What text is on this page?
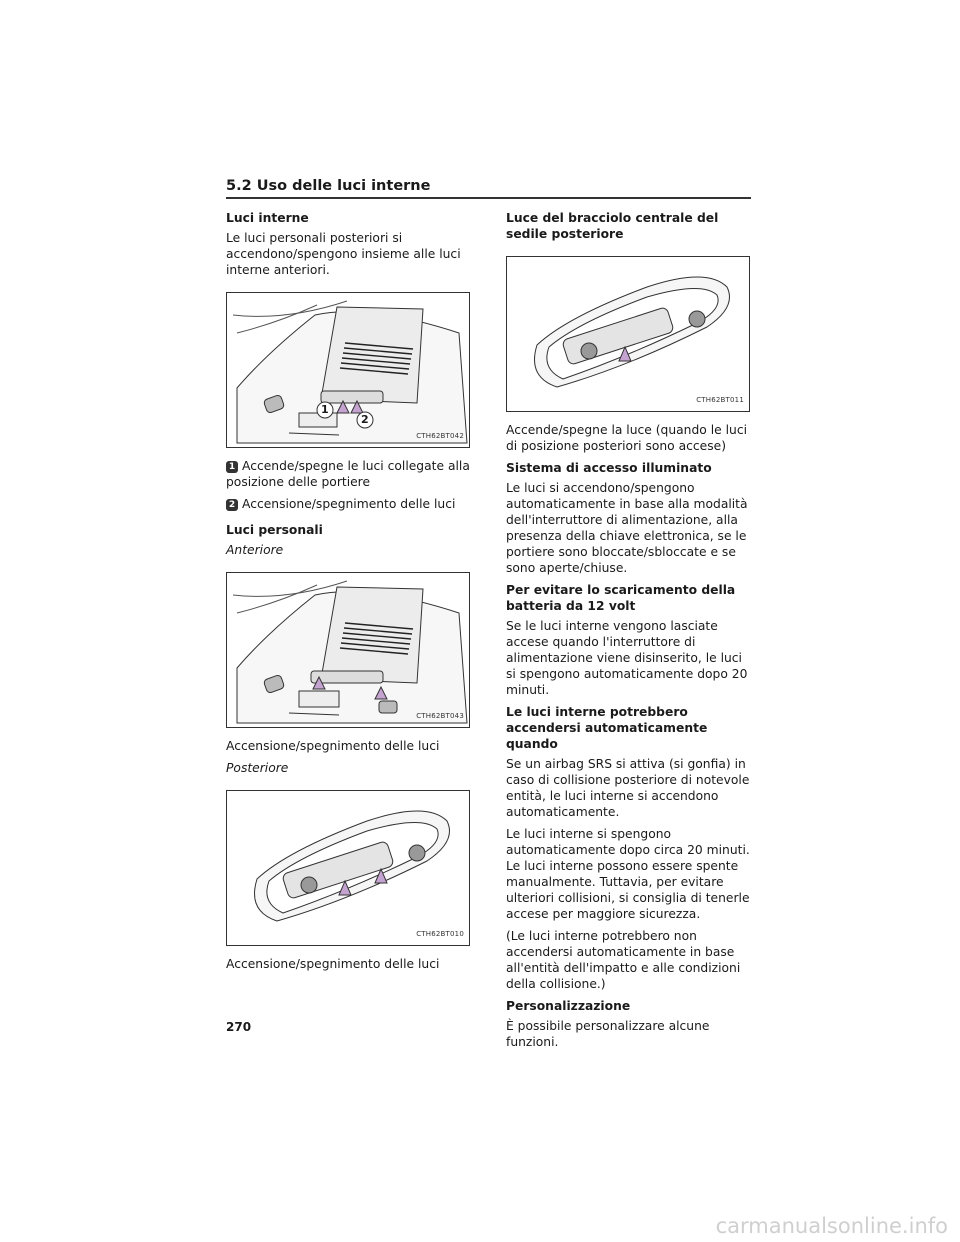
5.2 Uso delle luci interne
Luci interne
Le luci personali posteriori si accendono/spengono insieme alle luci interne anteriori.
CTH62BT042
1
2
1 Accende/spegne le luci collegate alla posizione delle portiere
2 Accensione/spegnimento delle luci
Luci personali
Anteriore
CTH62BT043
Accensione/spegnimento delle luci
Posteriore
CTH62BT010
Accensione/spegnimento delle luci
Luce del bracciolo centrale del sedile posteriore
CTH62BT011
Accende/spegne la luce (quando le luci di posizione posteriori sono accese)
Sistema di accesso illuminato
Le luci si accendono/spengono automaticamente in base alla modalità dell'interruttore di alimentazione, alla presenza della chiave elettronica, se le portiere sono bloccate/sbloccate e se sono aperte/chiuse.
Per evitare lo scaricamento della batteria da 12 volt
Se le luci interne vengono lasciate accese quando l'interruttore di alimentazione viene disinserito, le luci si spengono automaticamente dopo 20 minuti.
Le luci interne potrebbero accendersi automaticamente quando
Se un airbag SRS si attiva (si gonfia) in caso di collisione posteriore di notevole entità, le luci interne si accendono automaticamente.
Le luci interne si spengono automaticamente dopo circa 20 minuti. Le luci interne possono essere spente manualmente. Tuttavia, per evitare ulteriori collisioni, si consiglia di tenerle accese per maggiore sicurezza.
(Le luci interne potrebbero non accendersi automaticamente in base all'entità dell'impatto e alle condizioni della collisione.)
Personalizzazione
È possibile personalizzare alcune funzioni.
270
carmanualsonline.info
